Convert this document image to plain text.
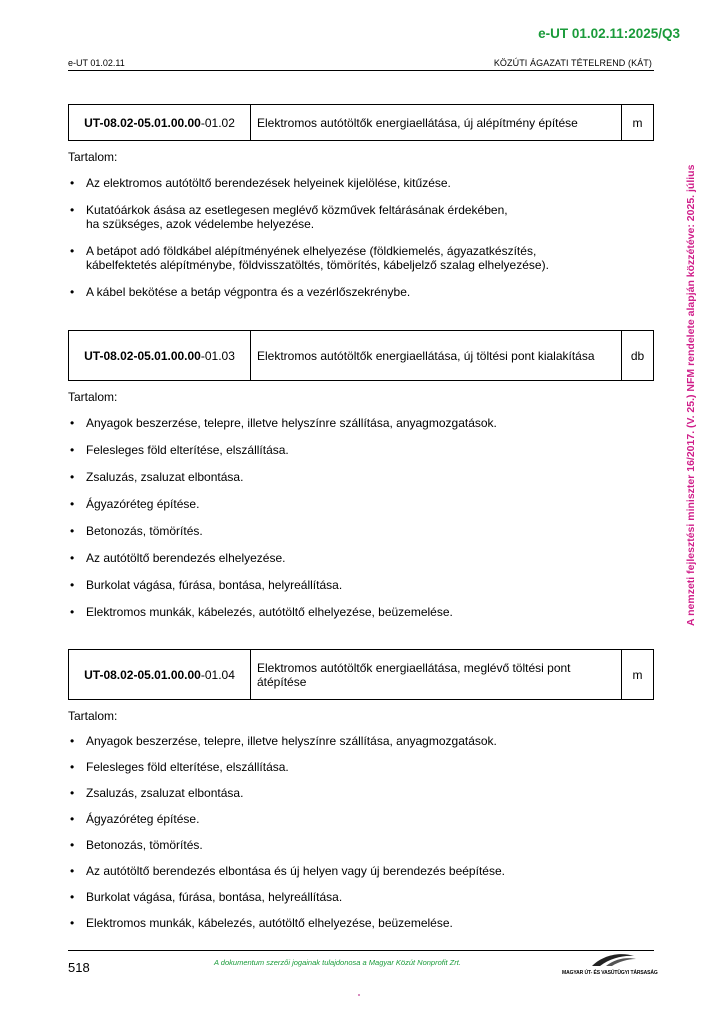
e-UT 01.02.11:2025/Q3
e-UT 01.02.11	KÖZÚTI ÁGAZATI TÉTELREND (KÁT)
A nemzeti fejlesztési miniszter 16/2017. (V. 25.) NFM rendelete alapján közzétéve: 2025. július
UT-08.02-05.01.00.00 -01.02	Elektromos autótöltők energiaellátása, új alépítmény építése	m
Tartalom:
• Az elektromos autótöltő berendezések helyeinek kijelölése, kitűzése.
• Kutatóárkok ásása az esetlegesen meglévő közművek feltárásának érdekében,
ha szükséges, azok védelembe helyezése.
• A betápot adó földkábel alépítményének elhelyezése (földkiemelés, ágyazatkészítés,
kábelfektetés alépítménybe, földvisszatöltés, tömörítés, kábeljelző szalag elhelyezése).
• A kábel bekötése a betáp végpontra és a vezérlőszekrénybe.
UT-08.02-05.01.00.00 -01.03	Elektromos autótöltők energiaellátása, új töltési pont kialakítása	db
Tartalom:
• Anyagok beszerzése, telepre, illetve helyszínre szállítása, anyagmozgatások.
• Felesleges föld elterítése, elszállítása.
• Zsaluzás, zsaluzat elbontása.
• Ágyazóréteg építése.
• Betonozás, tömörítés.
• Az autótöltő berendezés elhelyezése.
• Burkolat vágása, fúrása, bontása, helyreállítása.
• Elektromos munkák, kábelezés, autótöltő elhelyezése, beüzemelése.
UT-08.02-05.01.00.00 -01.04	Elektromos autótöltők energiaellátása, meglévő töltési pont átépítése	m
Tartalom:
• Anyagok beszerzése, telepre, illetve helyszínre szállítása, anyagmozgatások.
• Felesleges föld elterítése, elszállítása.
• Zsaluzás, zsaluzat elbontása.
• Ágyazóréteg építése.
• Betonozás, tömörítés.
• Az autótöltő berendezés elbontása és új helyen vagy új berendezés beépítése.
• Burkolat vágása, fúrása, bontása, helyreállítása.
• Elektromos munkák, kábelezés, autótöltő elhelyezése, beüzemelése.
518	A dokumentum szerzői jogainak tulajdonosa a Magyar Közút Nonprofit Zrt.
MAGYAR ÚT- ÉS VASÚTÜGYI TÁRSASÁG
